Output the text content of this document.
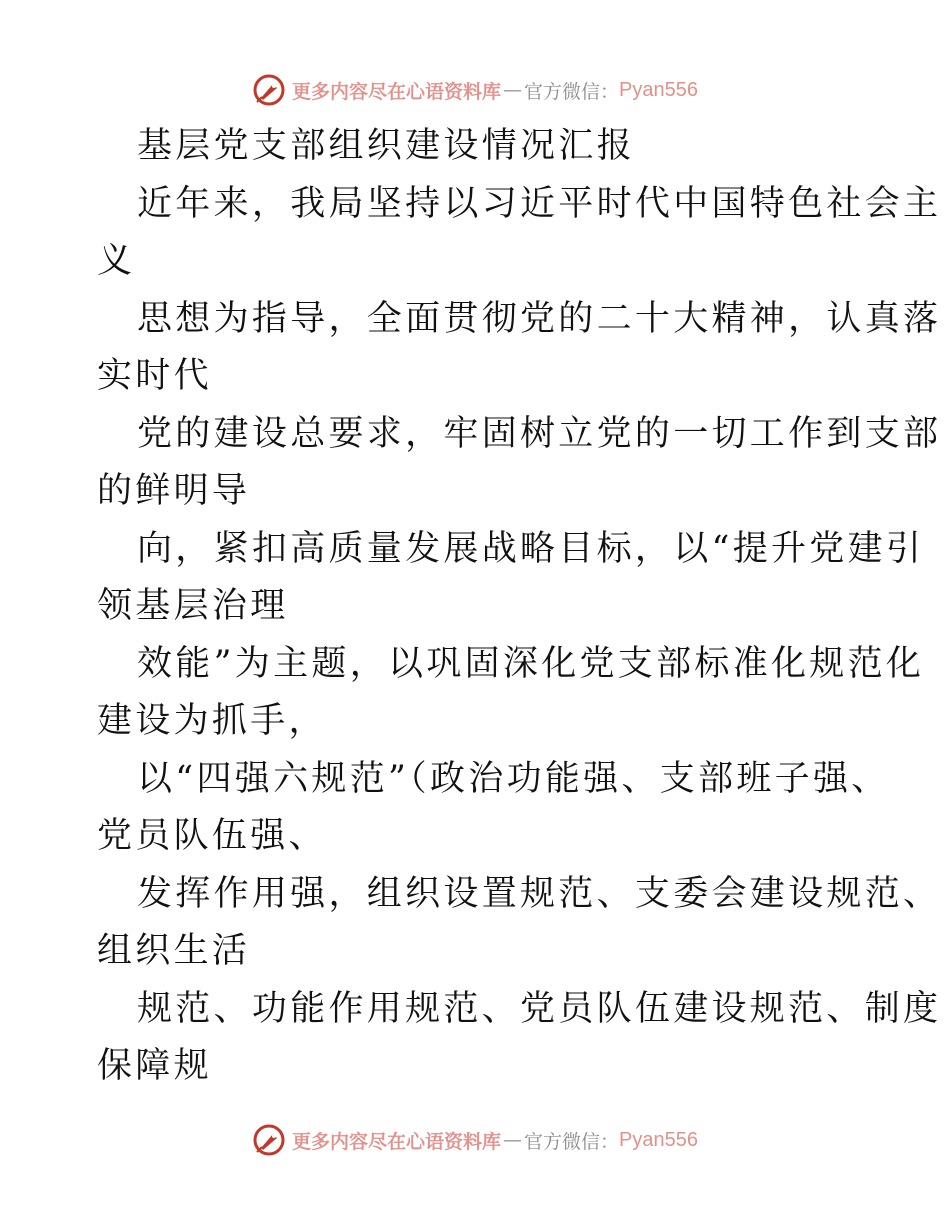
更多内容尽在心语资料库 — 官方微信： Pyan556
基层党支部组织建设情况汇报
近年来，我局坚持以习近平时代中国特色社会主
义
思想为指导，全面贯彻党的二十大精神，认真落
实时代
党的建设总要求，牢固树立党的一切工作到支部
的鲜明导
向，紧扣高质量发展战略目标，以“提升党建引
领基层治理
效能”为主题，以巩固深化党支部标准化规范化
建设为抓手，
以“四强六规范”（政治功能强、支部班子强、
党员队伍强、
发挥作用强，组织设置规范、支委会建设规范、
组织生活
规范、功能作用规范、党员队伍建设规范、制度
保障规
更多内容尽在心语资料库 — 官方微信： Pyan556
